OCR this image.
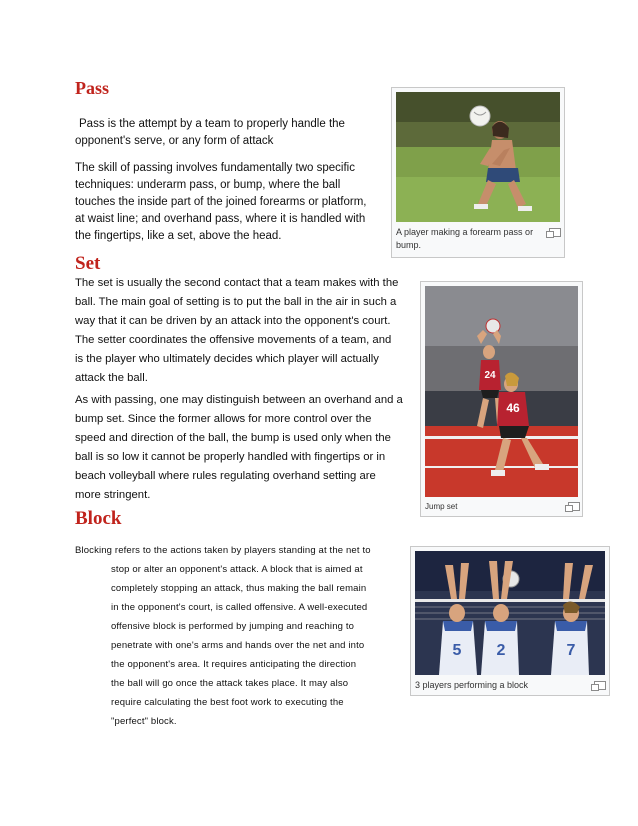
Pass
Pass is the attempt by a team to properly handle the
opponent's serve, or any form of attack
The skill of passing involves fundamentally two specific
techniques: underarm pass, or bump, where the ball
touches the inside part of the joined forearms or platform,
at waist line; and overhand pass, where it is handled with
the fingertips, like a set, above the head.	A player making a forearm pass or
bump.
Set
The set is usually the second contact that a team makes with the
ball. The main goal of setting is to put the ball in the air in such a
way that it can be driven by an attack into the opponent's court.
The setter coordinates the offensive movements of a team, and
is the player who ultimately decides which player will actually
attack the ball.
As with passing, one may distinguish between an overhand and a
bump set. Since the former allows for more control over the
speed and direction of the ball, the bump is used only when the
ball is so low it cannot be properly handled with fingertips or in
beach volleyball where rules regulating overhand setting are
more stringent.
24
46
Jump set
Block
Blocking refers to the actions taken by players standing at the net to
stop or alter an opponent's attack. A block that is aimed at
completely stopping an attack, thus making the ball remain
in the opponent's court, is called offensive. A well-executed
offensive block is performed by jumping and reaching to
penetrate with one's arms and hands over the net and into
the opponent's area. It requires anticipating the direction
the ball will go once the attack takes place. It may also
require calculating the best foot work to executing the
"perfect" block.
5 2	7
3 players performing a block
